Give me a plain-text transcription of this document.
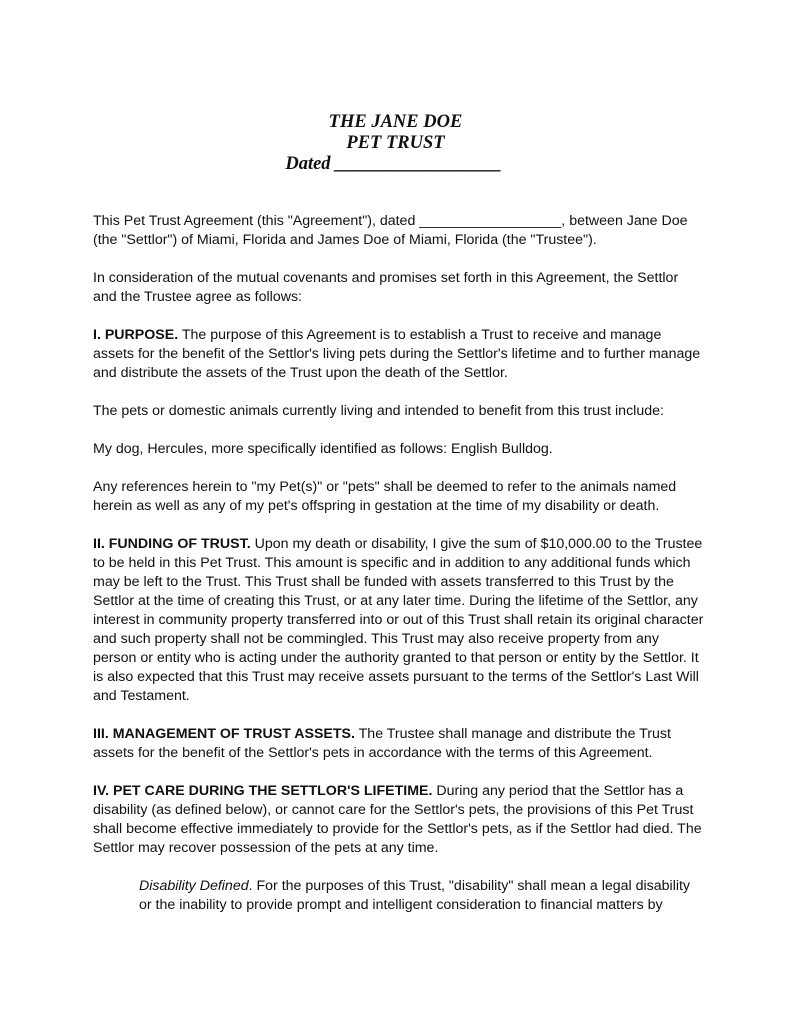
THE JANE DOE
PET TRUST
Dated __________________

This Pet Trust Agreement (this "Agreement"), dated __________________, between Jane Doe (the "Settlor") of Miami, Florida and James Doe of Miami, Florida (the "Trustee").

In consideration of the mutual covenants and promises set forth in this Agreement, the Settlor and the Trustee agree as follows:

I. PURPOSE. The purpose of this Agreement is to establish a Trust to receive and manage assets for the benefit of the Settlor's living pets during the Settlor's lifetime and to further manage and distribute the assets of the Trust upon the death of the Settlor.

The pets or domestic animals currently living and intended to benefit from this trust include:

My dog, Hercules, more specifically identified as follows: English Bulldog.

Any references herein to "my Pet(s)" or "pets" shall be deemed to refer to the animals named herein as well as any of my pet's offspring in gestation at the time of my disability or death.

II. FUNDING OF TRUST. Upon my death or disability, I give the sum of $10,000.00 to the Trustee to be held in this Pet Trust. This amount is specific and in addition to any additional funds which may be left to the Trust. This Trust shall be funded with assets transferred to this Trust by the Settlor at the time of creating this Trust, or at any later time. During the lifetime of the Settlor, any interest in community property transferred into or out of this Trust shall retain its original character and such property shall not be commingled. This Trust may also receive property from any person or entity who is acting under the authority granted to that person or entity by the Settlor. It is also expected that this Trust may receive assets pursuant to the terms of the Settlor's Last Will and Testament.

III. MANAGEMENT OF TRUST ASSETS. The Trustee shall manage and distribute the Trust assets for the benefit of the Settlor's pets in accordance with the terms of this Agreement.

IV. PET CARE DURING THE SETTLOR'S LIFETIME. During any period that the Settlor has a disability (as defined below), or cannot care for the Settlor's pets, the provisions of this Pet Trust shall become effective immediately to provide for the Settlor's pets, as if the Settlor had died. The Settlor may recover possession of the pets at any time.

Disability Defined. For the purposes of this Trust, "disability" shall mean a legal disability or the inability to provide prompt and intelligent consideration to financial matters by
